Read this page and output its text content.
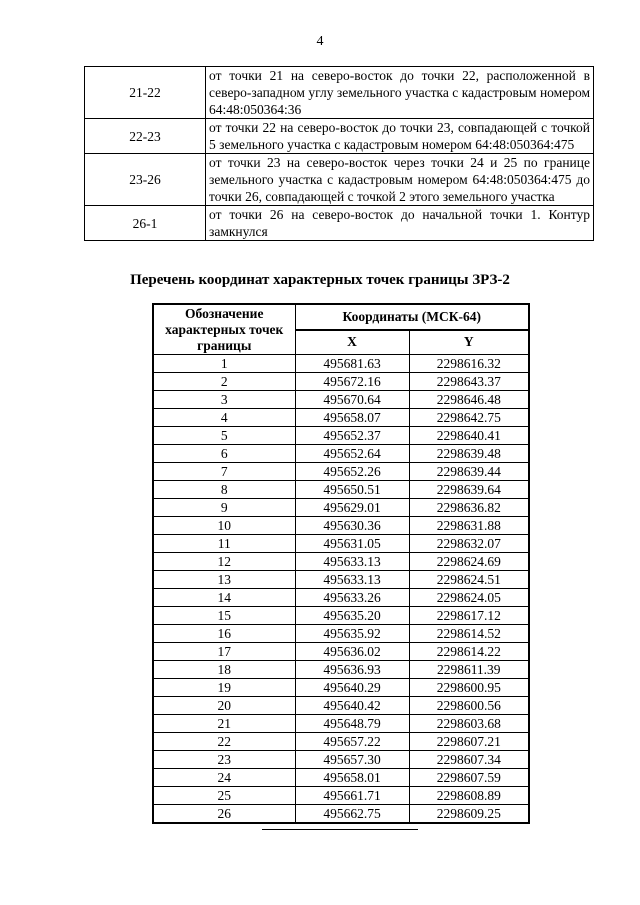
4
21-22	от точки 21 на северо-восток до точки 22, расположенной в северо-западном углу земельного участка с кадастровым номером 64:48:050364:36
22-23	от точки 22 на северо-восток до точки 23, совпадающей с точкой 5 земельного участка с кадастровым номером 64:48:050364:475
23-26	от точки 23 на северо-восток через точки 24 и 25 по границе земельного участка с кадастровым номером 64:48:050364:475 до точки 26, совпадающей с точкой 2 этого земельного участка
26-1	от точки 26 на северо-восток до начальной точки 1. Контур замкнулся
Перечень координат характерных точек границы ЗРЗ-2
Обозначение характерных точек границы	Координаты (МСК-64)	
	X	Y
1	495681.63	2298616.32
2	495672.16	2298643.37
3	495670.64	2298646.48
4	495658.07	2298642.75
5	495652.37	2298640.41
6	495652.64	2298639.48
7	495652.26	2298639.44
8	495650.51	2298639.64
9	495629.01	2298636.82
10	495630.36	2298631.88
11	495631.05	2298632.07
12	495633.13	2298624.69
13	495633.13	2298624.51
14	495633.26	2298624.05
15	495635.20	2298617.12
16	495635.92	2298614.52
17	495636.02	2298614.22
18	495636.93	2298611.39
19	495640.29	2298600.95
20	495640.42	2298600.56
21	495648.79	2298603.68
22	495657.22	2298607.21
23	495657.30	2298607.34
24	495658.01	2298607.59
25	495661.71	2298608.89
26	495662.75	2298609.25
